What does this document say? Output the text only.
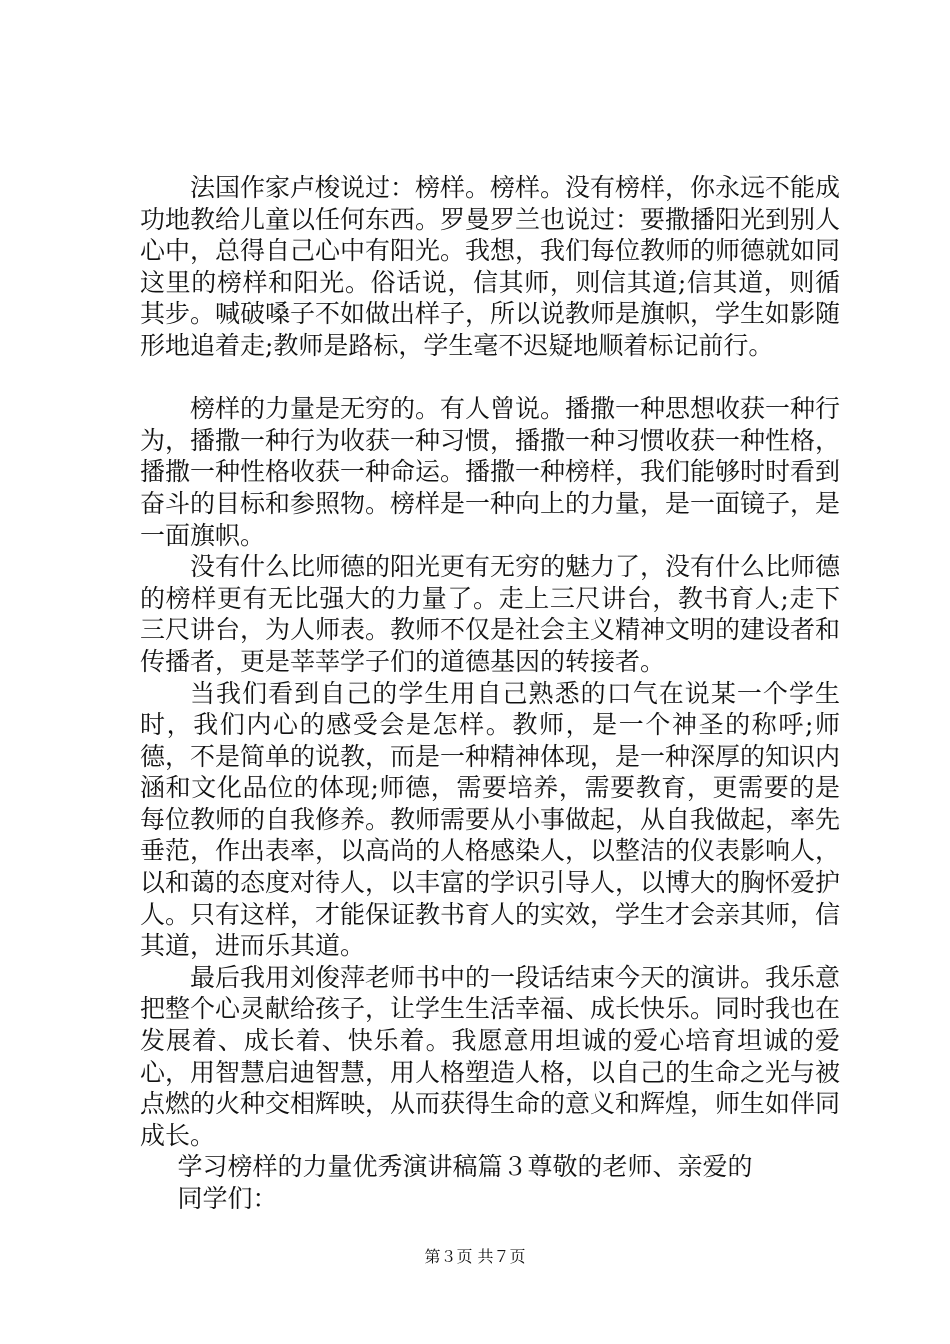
法国作家卢梭说过：榜样。榜样。没有榜样，你永远不能成功地教给儿童以任何东西。罗曼罗兰也说过：要撒播阳光到别人心中，总得自己心中有阳光。我想，我们每位教师的师德就如同这里的榜样和阳光。俗话说，信其师，则信其道;信其道，则循其步。喊破嗓子不如做出样子，所以说教师是旗帜，学生如影随形地追着走;教师是路标，学生毫不迟疑地顺着标记前行。

榜样的力量是无穷的。有人曾说。播撒一种思想收获一种行为，播撒一种行为收获一种习惯，播撒一种习惯收获一种性格，播撒一种性格收获一种命运。播撒一种榜样，我们能够时时看到奋斗的目标和参照物。榜样是一种向上的力量，是一面镜子，是一面旗帜。

没有什么比师德的阳光更有无穷的魅力了，没有什么比师德的榜样更有无比强大的力量了。走上三尺讲台，教书育人;走下三尺讲台，为人师表。教师不仅是社会主义精神文明的建设者和传播者，更是莘莘学子们的道德基因的转接者。

当我们看到自己的学生用自己熟悉的口气在说某一个学生时，我们内心的感受会是怎样。教师，是一个神圣的称呼;师德，不是简单的说教，而是一种精神体现，是一种深厚的知识内涵和文化品位的体现;师德，需要培养，需要教育，更需要的是每位教师的自我修养。教师需要从小事做起，从自我做起，率先垂范，作出表率，以高尚的人格感染人，以整洁的仪表影响人，以和蔼的态度对待人，以丰富的学识引导人，以博大的胸怀爱护人。只有这样，才能保证教书育人的实效，学生才会亲其师，信其道，进而乐其道。

最后我用刘俊萍老师书中的一段话结束今天的演讲。我乐意把整个心灵献给孩子，让学生生活幸福、成长快乐。同时我也在发展着、成长着、快乐着。我愿意用坦诚的爱心培育坦诚的爱心，用智慧启迪智慧，用人格塑造人格，以自己的生命之光与被点燃的火种交相辉映，从而获得生命的意义和辉煌，师生如伴同成长。

学习榜样的力量优秀演讲稿篇３尊敬的老师、亲爱的

同学们：

第３页 共７页
